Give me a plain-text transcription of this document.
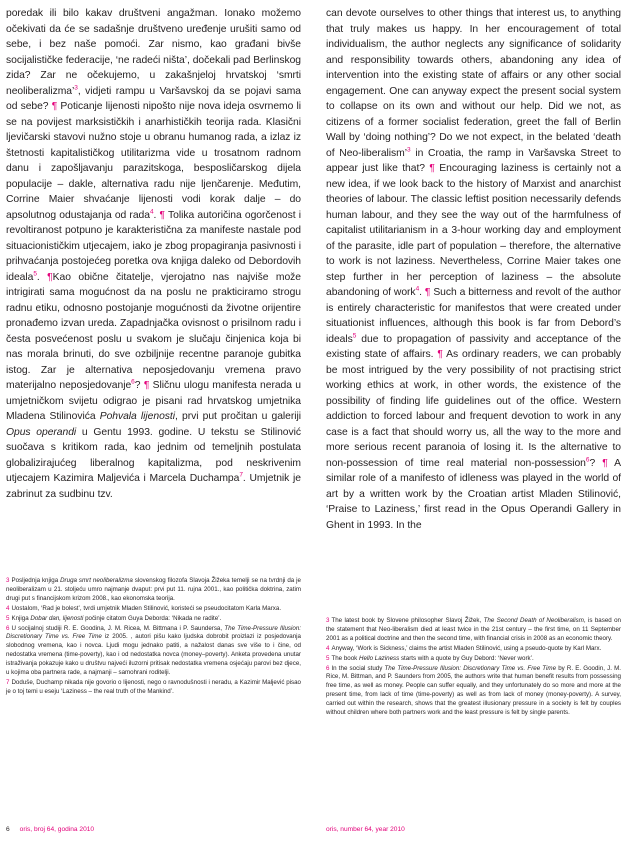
poredak ili bilo kakav društveni angažman. Ionako možemo očekivati da će se sadašnje društveno uređenje urušiti samo od sebe, i bez naše pomoći. Zar nismo, kao građani bivše socijalističke federacije, ‘ne radeći ništa’, dočekali pad Berlinskog zida? Zar ne očekujemo, u zakašnjeloj hrvatskoj ‘smrti neoliberalizma’$^3$, vidjeti rampu u Varšavskoj da se pojavi sama od sebe? ¶ Poticanje lijenosti nipošto nije nova ideja osvrnemo li se na povijest marksističkih i anarhističkih teorija rada. Klasični ljevičarski stavovi nužno stoje u obranu humanog rada, a izlaz iz štetnosti kapitalističkog utilitarizma vide u trosatnom radnom danu i zapošljavanju parazitskoga, besposličarskog dijela populacije – dakle, alternativa radu nije ljenčarenje. Međutim, Corrine Maier shvaćanje lijenosti vodi korak dalje – do apsolutnog odustajanja od rada$^4$. ¶ Tolika autoričina ogorčenost i revoltiranost potpuno je karakteristična za manifeste nastale pod situacionističkim utjecajem, iako je zbog propagiranja pasivnosti i prihvaćanja postojećeg poretka ova knjiga daleko od Debordovih ideala$^5$. ¶Kao obične čitatelje, vjerojatno nas najviše može intrigirati sama mogućnost da na poslu ne prakticiramo strogu radnu etiku, odnosno postojanje mogućnosti da životne orijentire pronađemo izvan ureda. Zapadnjačka ovisnost o prisilnom radu i česta posvećenost poslu u svakom je slučaju činjenica koja bi nas morala brinuti, do sve ozbiljnije recentne paranoje gubitka istog. Zar je alternativa neposjedovanju vremena pravo materijalno neposjedovanje$^6$? ¶ Sličnu ulogu manifesta nerada u umjetničkom svijetu odigrao je pisani rad hrvatskog umjetnika Mladena Stilinovića Pohvala lijenosti, prvi put pročitan u galeriji Opus operandi u Gentu 1993. godine. U tekstu se Stilinović suočava s kritikom rada, kao jednim od temeljnih postulata globalizirajućeg liberalnog kapitalizma, pod neskrivenim utjecajem Kazimira Maljevića i Marcela Duchampa$^7$. Umjetnik je zabrinut za sudbinu tzv.

can devote ourselves to other things that interest us, to anything that truly makes us happy. In her encouragement of total individualism, the author neglects any significance of solidarity and responsibility towards others, abandoning any idea of intervention into the existing state of affairs or any other social engagement. One can anyway expect the present social system to collapse on its own and without our help. Did we not, as citizens of a former socialist federation, greet the fall of Berlin Wall by ‘doing nothing’? Do we not expect, in the belated ‘death of Neo-liberalism’$^3$ in Croatia, the ramp in Varšavska Street to appear just like that? ¶ Encouraging laziness is certainly not a new idea, if we look back to the history of Marxist and anarchist theories of labour. The classic leftist position necessarily defends human labour, and they see the way out of the harmfulness of capitalist utilitarianism in a 3-hour working day and employment of the parasite, idle part of population – therefore, the alternative to work is not laziness. Nevertheless, Corrine Maier takes one step further in her perception of laziness – the absolute abandoning of work$^4$. ¶ Such a bitterness and revolt of the author is entirely characteristic for manifestos that were created under situationist influences, although this book is far from Debord’s ideals$^5$ due to propagation of passivity and acceptance of the existing state of affairs. ¶ As ordinary readers, we can probably be most intrigued by the very possibility of not practising strict working ethics at work, in other words, the existence of the possibility of finding life guidelines out of the office. Western addiction to forced labour and frequent devotion to work in any case is a fact that should worry us, all the way to the more and more serious recent paranoia of losing it. Is the alternative to non-possession of time real material non-possession$^6$? ¶ A similar role of a manifesto of idleness was played in the world of art by a written work by the Croatian artist Mladen Stilinović, ‘Praise to Laziness,’ first read in the Opus Operandi Gallery in Ghent in 1993. In the

3 Posljednja knjiga Druga smrt neoliberalizma slovenskog filozofa Slavoja Žižeka temelji se na tvrdnji da je neoliberalizam u 21. stoljeću umro najmanje dvaput: prvi put 11. rujna 2001., kao politička doktrina, zatim drugi put s financijskom krizom 2008., kao ekonomska teorija.

4 Uostalom, ‘Rad je bolest’, tvrdi umjetnik Mladen Stilinović, koristeći se pseudocitatom Karla Marxa.

5 Knjiga Dobar dan, lijenosti počinje citatom Guya Deborda: ‘Nikada ne radite’.

6 U socijalnoj studiji R. E. Goodina, J. M. Ricea, M. Bittmana i P. Saundersa, The Time-Pressure Illusion: Discretionary Time vs. Free Time iz 2005. , autori pišu kako ljudska dobrobit proizlazi iz posjedovanja slobodnog vremena, kao i novca. Ljudi mogu jednako patiti, a nažalost danas sve više to i čine, od nedostatka vremena (time-poverty), kao i od nedostatka novca (money–poverty). Anketa provedena unutar istraživanja pokazuje kako u društvu najveći iluzorni pritisak nedostatka vremena osjećaju parovi bez djece, u kojima oba partnera rade, a najmanji – samohrani roditelji.

7 Doduše, Duchamp nikada nije govorio o lijenosti, nego o ravnodušnosti i neradu, a Kazimir Maljević pisao je o toj temi u eseju ‘Laziness – the real truth of the Mankind’.

3 The latest book by Slovene philosopher Slavoj Žižek, The Second Death of Neoliberalism, is based on the statement that Neo-liberalism died at least twice in the 21st century – the first time, on 11 September 2001 as a political doctrine and then the second time, with financial crisis in 2008 as an economic theory.

4 Anyway, ‘Work is Sickness,’ claims the artist Mladen Stilinović, using a pseudo-quote by Karl Marx.

5 The book Hello Laziness starts with a quote by Guy Debord: ‘Never work’.

6 In the social study The Time-Pressure Illusion: Discretionary Time vs. Free Time by R. E. Goodin, J. M. Rice, M. Bittman, and P. Saunders from 2005, the authors write that human benefit results from possessing free time, as well as money. People can suffer equally, and they unfortunately do so more and more at the present time, from lack of time (time-poverty) as well as from lack of money (money-poverty). A survey, carried out within the research, shows that the greatest illusionary pressure in a society is felt by couples without children where both partners work and the least pressure is felt by single parents.

6 oris, broj 64, godina 2010	oris, number 64, year 2010
